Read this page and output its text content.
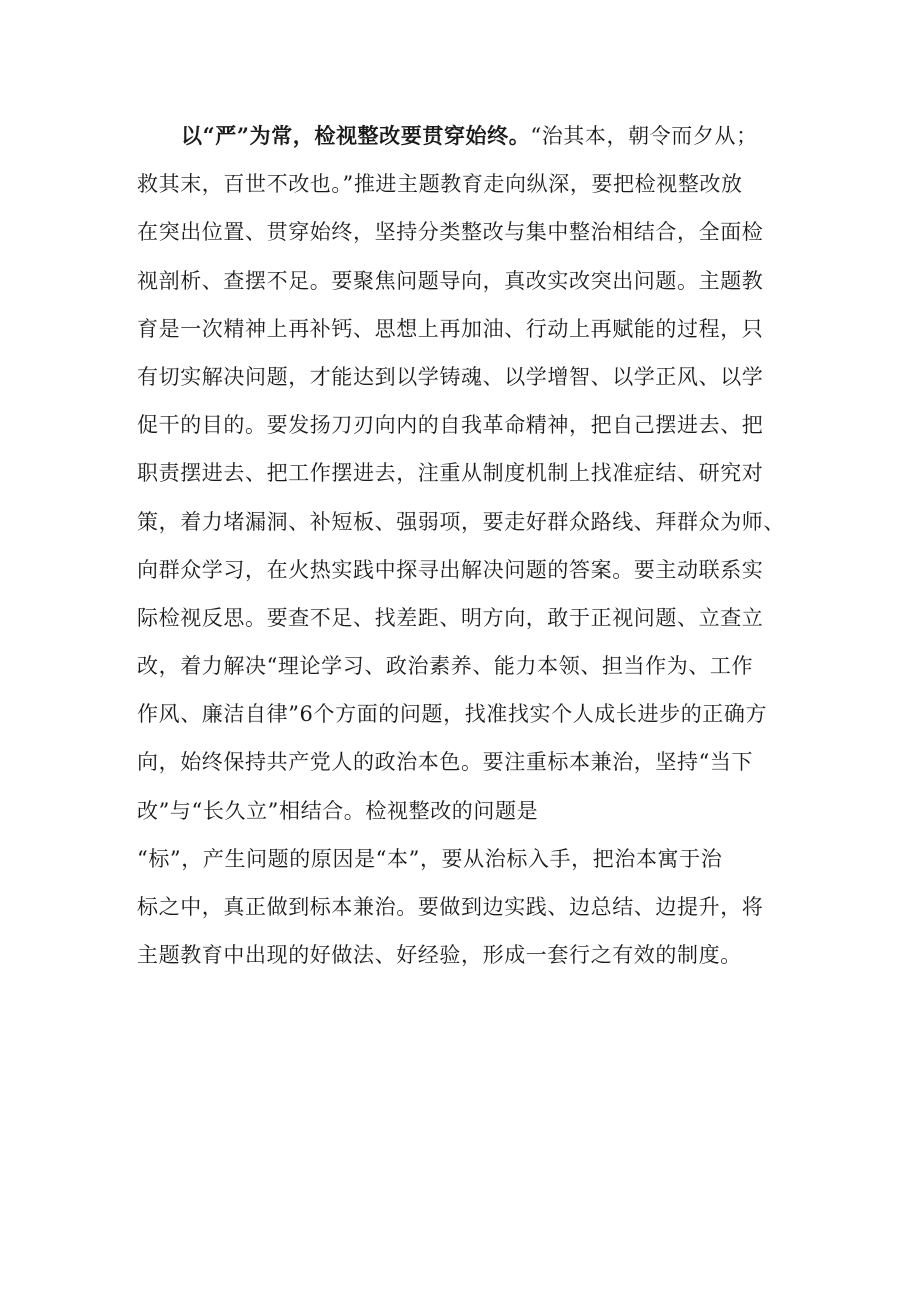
以“严”为常，检视整改要贯穿始终。“治其本，朝令而夕从；
救其末，百世不改也。”推进主题教育走向纵深，要把检视整改放
在突出位置、贯穿始终，坚持分类整改与集中整治相结合，全面检
视剖析、查摆不足。要聚焦问题导向，真改实改突出问题。主题教
育是一次精神上再补钙、思想上再加油、行动上再赋能的过程，只
有切实解决问题，才能达到以学铸魂、以学增智、以学正风、以学
促干的目的。要发扬刀刃向内的自我革命精神，把自己摆进去、把
职责摆进去、把工作摆进去，注重从制度机制上找准症结、研究对
策，着力堵漏洞、补短板、强弱项，要走好群众路线、拜群众为师、
向群众学习，在火热实践中探寻出解决问题的答案。要主动联系实
际检视反思。要查不足、找差距、明方向，敢于正视问题、立查立
改，着力解决“理论学习、政治素养、能力本领、担当作为、工作
作风、廉洁自律”6个方面的问题，找准找实个人成长进步的正确方
向，始终保持共产党人的政治本色。要注重标本兼治，坚持“当下
改”与“长久立”相结合。检视整改的问题是
“标”，产生问题的原因是“本”，要从治标入手，把治本寓于治
标之中，真正做到标本兼治。要做到边实践、边总结、边提升，将
主题教育中出现的好做法、好经验，形成一套行之有效的制度。
